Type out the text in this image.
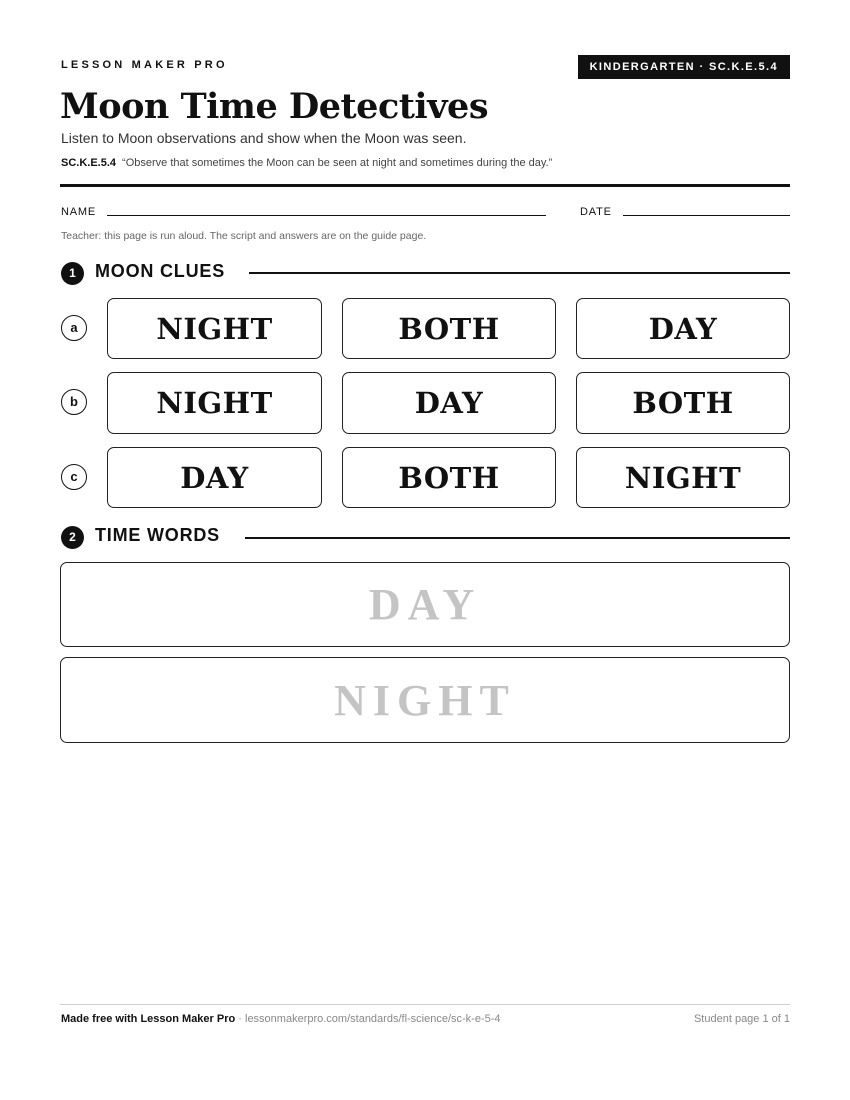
LESSON MAKER PRO	KINDERGARTEN · SC.K.E.5.4
Moon Time Detectives

Listen to Moon observations and show when the Moon was seen.

SC.K.E.5.4 “Observe that sometimes the Moon can be seen at night and sometimes during the day.”

NAME	DATE
Teacher: this page is run aloud. The script and answers are on the guide page.
1	MOON CLUES
a	NIGHT	BOTH	DAY
b	NIGHT	DAY	BOTH
c	DAY	BOTH	NIGHT
2	TIME WORDS
DAY
NIGHT
Made free with Lesson Maker Pro · lessonmakerpro.com/standards/fl-science/sc-k-e-5-4	Student page 1 of 1
